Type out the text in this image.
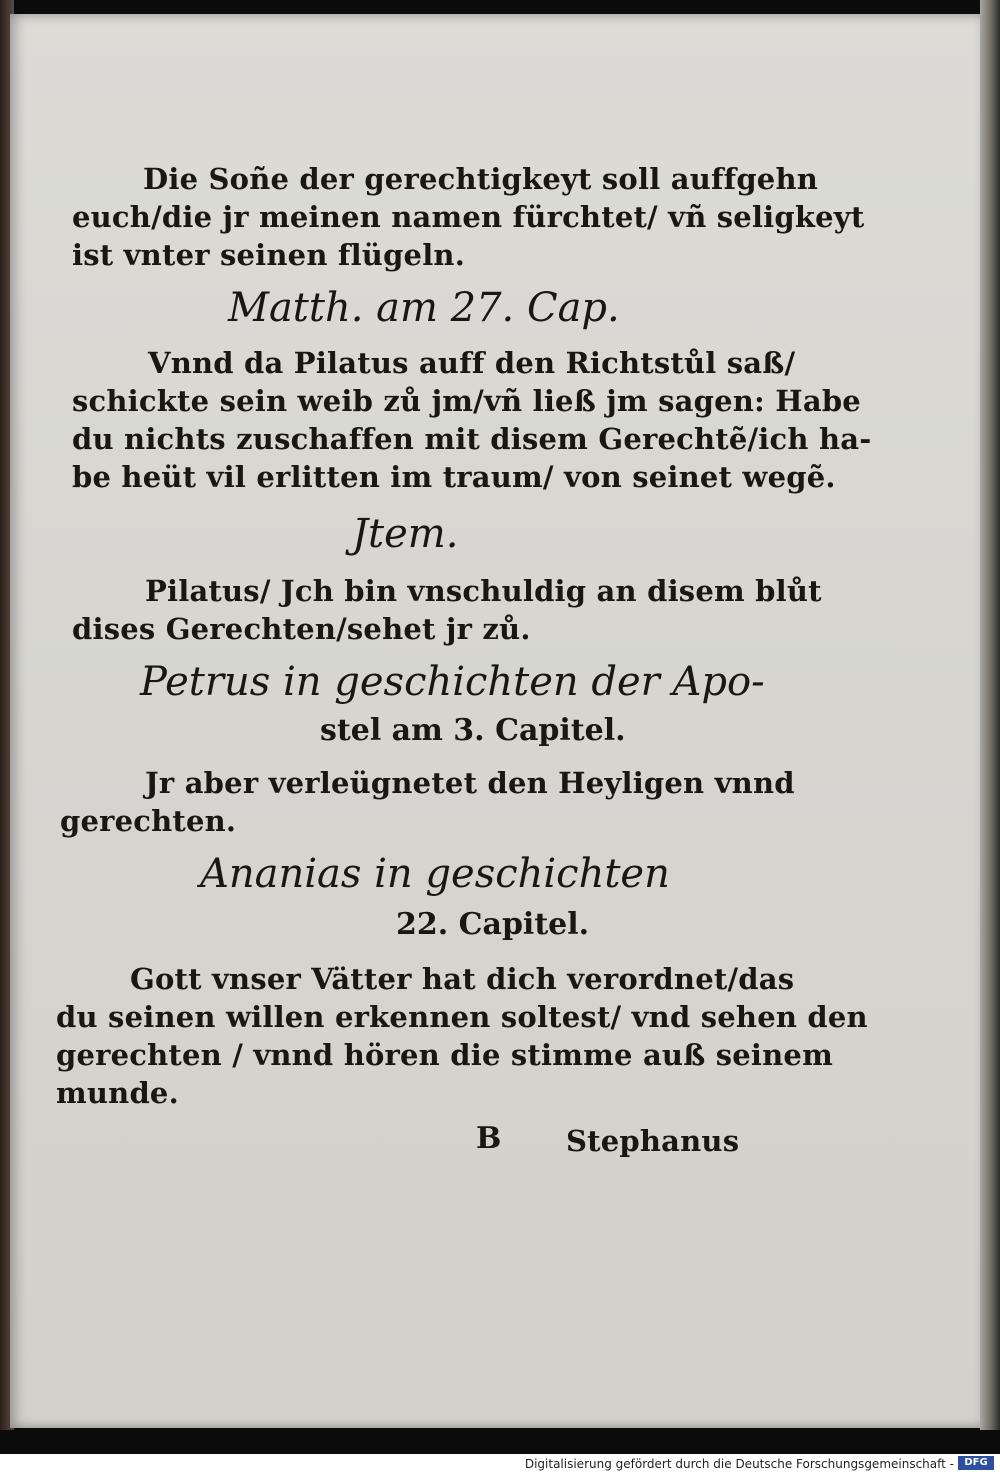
Die Soñe der gerechtigkeyt soll auffgehn
euch/die jr meinen namen fürchtet/ vñ seligkeyt
ist vnter seinen flügeln.
Matth. am 27. Cap.
Vnnd da Pilatus auff den Richtstůl saß/
schickte sein weib zů jm/vñ ließ jm sagen: Habe
du nichts zuschaffen mit disem Gerechtẽ/ich ha-
be heüt vil erlitten im traum/ von seinet wegẽ.
Jtem.
Pilatus/ Jch bin vnschuldig an disem blůt
dises Gerechten/sehet jr zů.
Petrus in geschichten der Apo-
stel am 3. Capitel.
Jr aber verleügnetet den Heyligen vnnd
gerechten.
Ananias in geschichten
22. Capitel.
Gott vnser Vätter hat dich verordnet/das
du seinen willen erkennen soltest/ vnd sehen den
gerechten / vnnd hören die stimme auß seinem
munde.
B Stephanus
Digitalisierung gefördert durch die Deutsche Forschungsgemeinschaft -	DFG
